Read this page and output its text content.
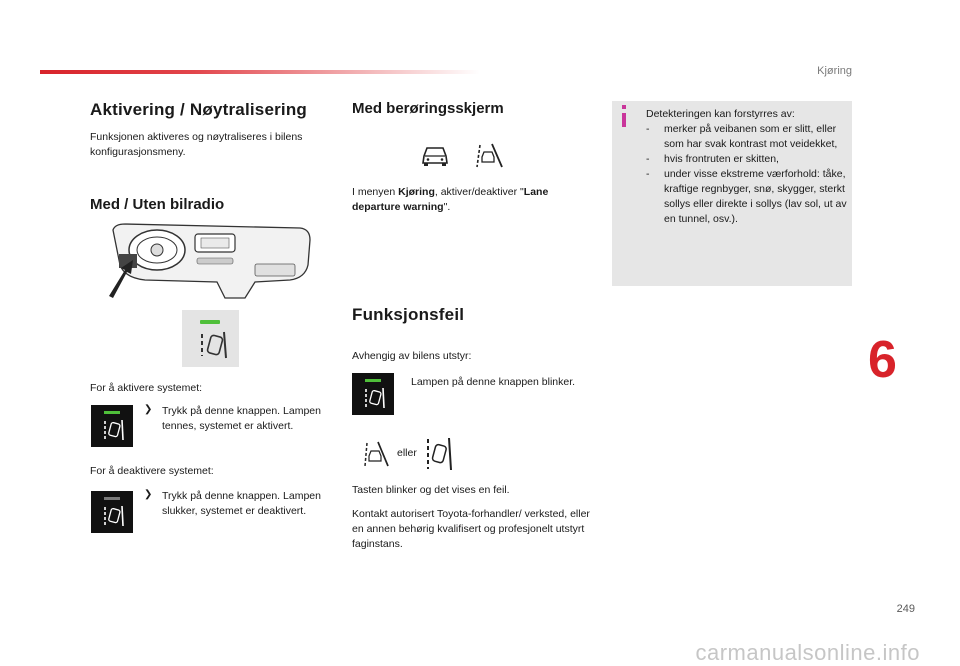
Kjøring
Aktivering / Nøytralisering
Funksjonen aktiveres og nøytraliseres i bilens konfigurasjonsmeny.
Med / Uten bilradio
For å aktivere systemet:
❯ Trykk på denne knappen. Lampen tennes, systemet er aktivert.
For å deaktivere systemet:
❯ Trykk på denne knappen. Lampen slukker, systemet er deaktivert.
Med berøringsskjerm
I menyen Kjøring, aktiver/deaktiver "Lane departure warning".
Funksjonsfeil
Avhengig av bilens utstyr:
Lampen på denne knappen blinker.
eller
Tasten blinker og det vises en feil.
Kontakt autorisert Toyota-forhandler/ verksted, eller en annen behørig kvalifisert og profesjonelt utstyrt faginstans.
Detekteringen kan forstyrres av:
-	merker på veibanen som er slitt, eller som har svak kontrast mot veidekket,
-	hvis frontruten er skitten,
-	under visse ekstreme værforhold: tåke, kraftige regnbyger, snø, skygger, sterkt sollys eller direkte i sollys (lav sol, ut av en tunnel, osv.).
6
249
carmanualsonline.info
